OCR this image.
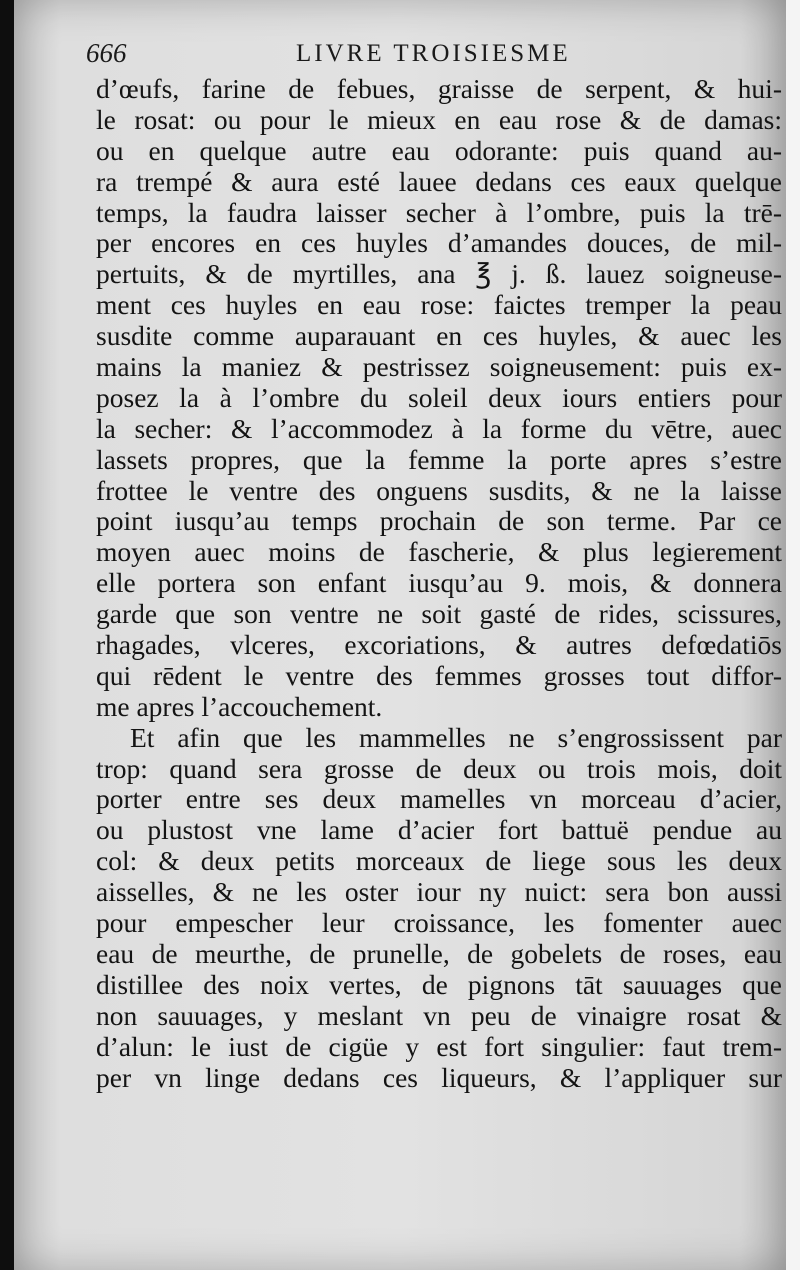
666	LIVRE TROISIESME
d’œufs, farine de febues, graisse de serpent, & hui-
le rosat: ou pour le mieux en eau rose & de damas:
ou en quelque autre eau odorante: puis quand au-
ra trempé & aura esté lauee dedans ces eaux quelque
temps, la faudra laisser secher à l’ombre, puis la trē-
per encores en ces huyles d’amandes douces, de mil-
pertuits, & de myrtilles, ana ℥ j. ß. lauez soigneuse-
ment ces huyles en eau rose: faictes tremper la peau
susdite comme auparauant en ces huyles, & auec les
mains la maniez & pestrissez soigneusement: puis ex-
posez la à l’ombre du soleil deux iours entiers pour
la secher: & l’accommodez à la forme du vētre, auec
lassets propres, que la femme la porte apres s’estre
frottee le ventre des onguens susdits, & ne la laisse
point iusqu’au temps prochain de son terme. Par ce
moyen auec moins de fascherie, & plus legierement
elle portera son enfant iusqu’au 9. mois, & donnera
garde que son ventre ne soit gasté de rides, scissures,
rhagades, vlceres, excoriations, & autres defœdatiōs
qui rēdent le ventre des femmes grosses tout diffor-
me apres l’accouchement.
Et afin que les mammelles ne s’engrossissent par
trop: quand sera grosse de deux ou trois mois, doit
porter entre ses deux mamelles vn morceau d’acier,
ou plustost vne lame d’acier fort battuë pendue au
col: & deux petits morceaux de liege sous les deux
aisselles, & ne les oster iour ny nuict: sera bon aussi
pour empescher leur croissance, les fomenter auec
eau de meurthe, de prunelle, de gobelets de roses, eau
distillee des noix vertes, de pignons tāt sauuages que
non sauuages, y meslant vn peu de vinaigre rosat &
d’alun: le iust de cigüe y est fort singulier: faut trem-
per vn linge dedans ces liqueurs, & l’appliquer sur
